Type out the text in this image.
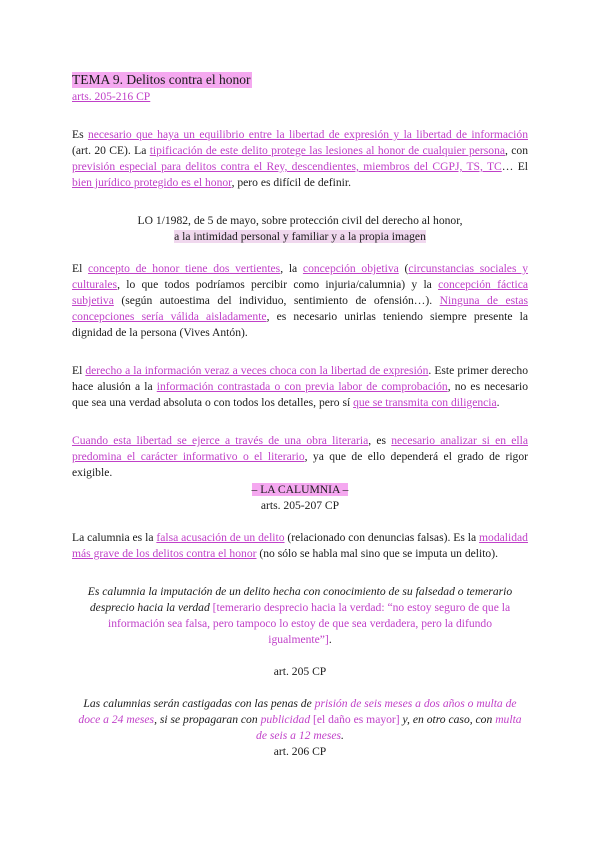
TEMA 9. Delitos contra el honor

arts. 205-216 CP

Es necesario que haya un equilibrio entre la libertad de expresión y la libertad de información (art. 20 CE). La tipificación de este delito protege las lesiones al honor de cualquier persona, con previsión especial para delitos contra el Rey, descendientes, miembros del CGPJ, TS, TC… El bien jurídico protegido es el honor, pero es difícil de definir.

LO 1/1982, de 5 de mayo, sobre protección civil del derecho al honor,
a la intimidad personal y familiar y a la propia imagen

El concepto de honor tiene dos vertientes, la concepción objetiva (circunstancias sociales y culturales, lo que todos podríamos percibir como injuria/calumnia) y la concepción fáctica subjetiva (según autoestima del individuo, sentimiento de ofensión…). Ninguna de estas concepciones sería válida aisladamente, es necesario unirlas teniendo siempre presente la dignidad de la persona (Vives Antón).

El derecho a la información veraz a veces choca con la libertad de expresión. Este primer derecho hace alusión a la información contrastada o con previa labor de comprobación, no es necesario que sea una verdad absoluta o con todos los detalles, pero sí que se transmita con diligencia.

Cuando esta libertad se ejerce a través de una obra literaria, es necesario analizar si en ella predomina el carácter informativo o el literario, ya que de ello dependerá el grado de rigor exigible.

– LA CALUMNIA –
arts. 205-207 CP

La calumnia es la falsa acusación de un delito (relacionado con denuncias falsas). Es la modalidad más grave de los delitos contra el honor (no sólo se habla mal sino que se imputa un delito).

Es calumnia la imputación de un delito hecha con conocimiento de su falsedad o temerario desprecio hacia la verdad [temerario desprecio hacia la verdad: “no estoy seguro de que la información sea falsa, pero tampoco lo estoy de que sea verdadera, pero la difundo igualmente”].

art. 205 CP

Las calumnias serán castigadas con las penas de prisión de seis meses a dos años o multa de doce a 24 meses, si se propagaran con publicidad [el daño es mayor] y, en otro caso, con multa de seis a 12 meses.

art. 206 CP
